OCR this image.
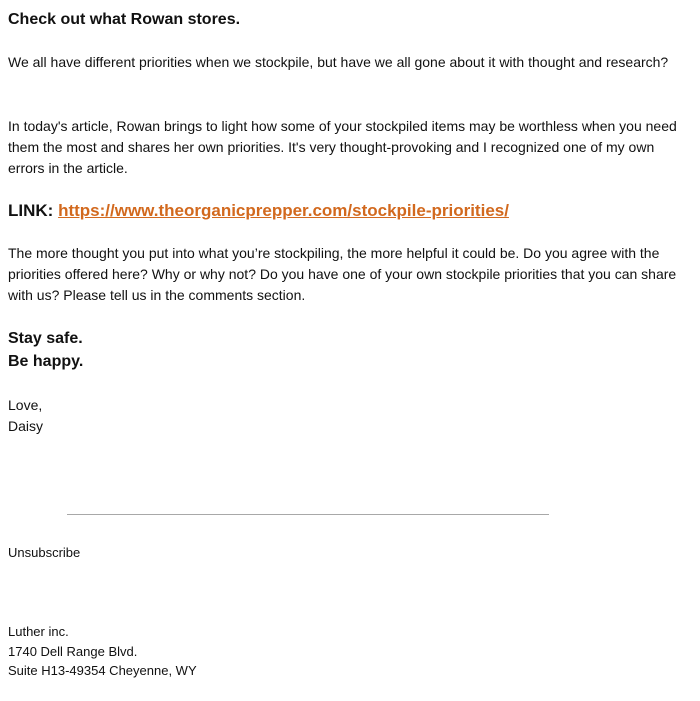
Check out what Rowan stores.

We all have different priorities when we stockpile, but have we all gone about it with thought and research?

In today's article, Rowan brings to light how some of your stockpiled items may be worthless when you need them the most and shares her own priorities. It's very thought-provoking and I recognized one of my own errors in the article.

LINK: https://www.theorganicprepper.com/stockpile-priorities/

The more thought you put into what you’re stockpiling, the more helpful it could be. Do you agree with the priorities offered here? Why or why not? Do you have one of your own stockpile priorities that you can share with us? Please tell us in the comments section.

Stay safe.
Be happy.

Love,
Daisy

Unsubscribe

Luther inc.
1740 Dell Range Blvd.
Suite H13-49354 Cheyenne, WY
